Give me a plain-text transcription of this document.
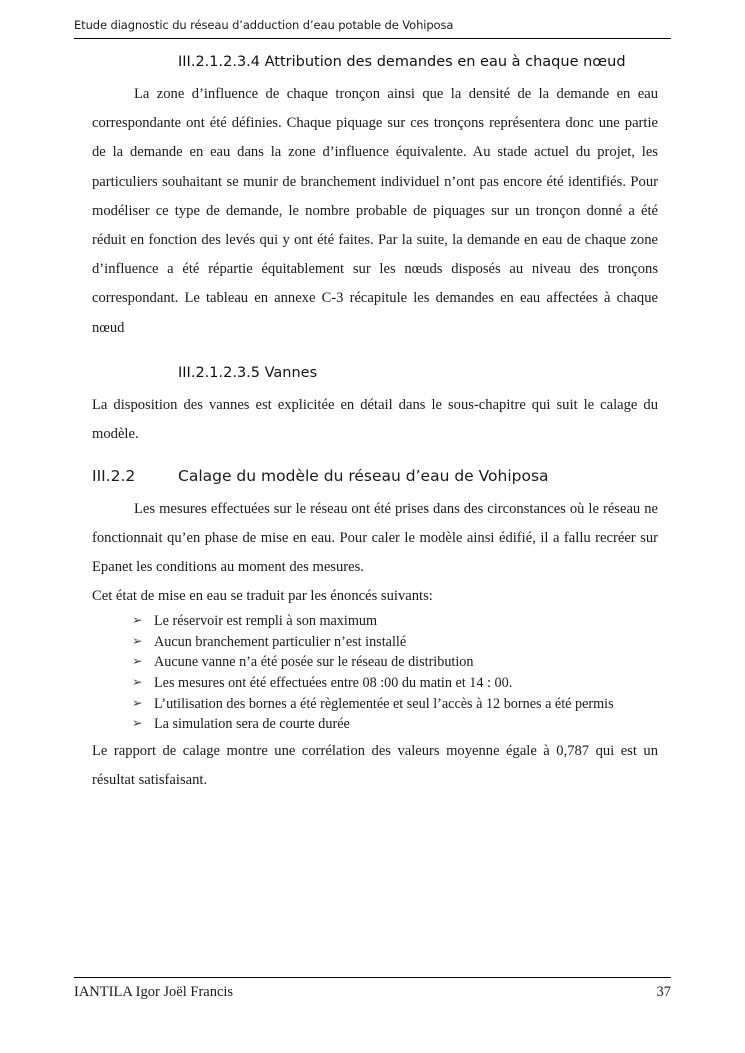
Etude diagnostic du réseau d’adduction d’eau potable de Vohiposa
III.2.1.2.3.4 Attribution des demandes en eau à chaque nœud

La zone d’influence de chaque tronçon ainsi que la densité de la demande en eau correspondante ont été définies. Chaque piquage sur ces tronçons représentera donc une partie de la demande en eau dans la zone d’influence équivalente. Au stade actuel du projet, les particuliers souhaitant se munir de branchement individuel n’ont pas encore été identifiés. Pour modéliser ce type de demande, le nombre probable de piquages sur un tronçon donné a été réduit en fonction des levés qui y ont été faites. Par la suite, la demande en eau de chaque zone d’influence a été répartie équitablement sur les nœuds disposés au niveau des tronçons correspondant. Le tableau en annexe C-3 récapitule les demandes en eau affectées à chaque nœud

III.2.1.2.3.5 Vannes

La disposition des vannes est explicitée en détail dans le sous-chapitre qui suit le calage du modèle.

III.2.2	Calage du modèle du réseau d’eau de Vohiposa

Les mesures effectuées sur le réseau ont été prises dans des circonstances où le réseau ne fonctionnait qu’en phase de mise en eau. Pour caler le modèle ainsi édifié, il a fallu recréer sur Epanet les conditions au moment des mesures.

Cet état de mise en eau se traduit par les énoncés suivants:

➢ Le réservoir est rempli à son maximum
➢ Aucun branchement particulier n’est installé
➢ Aucune vanne n’a été posée sur le réseau de distribution
➢ Les mesures ont été effectuées entre 08 :00 du matin et 14 : 00.
➢ L’utilisation des bornes a été règlementée et seul l’accès à 12 bornes a été permis
➢ La simulation sera de courte durée

Le rapport de calage montre une corrélation des valeurs moyenne égale à 0,787 qui est un résultat satisfaisant.

IANTILA Igor Joël Francis	37
